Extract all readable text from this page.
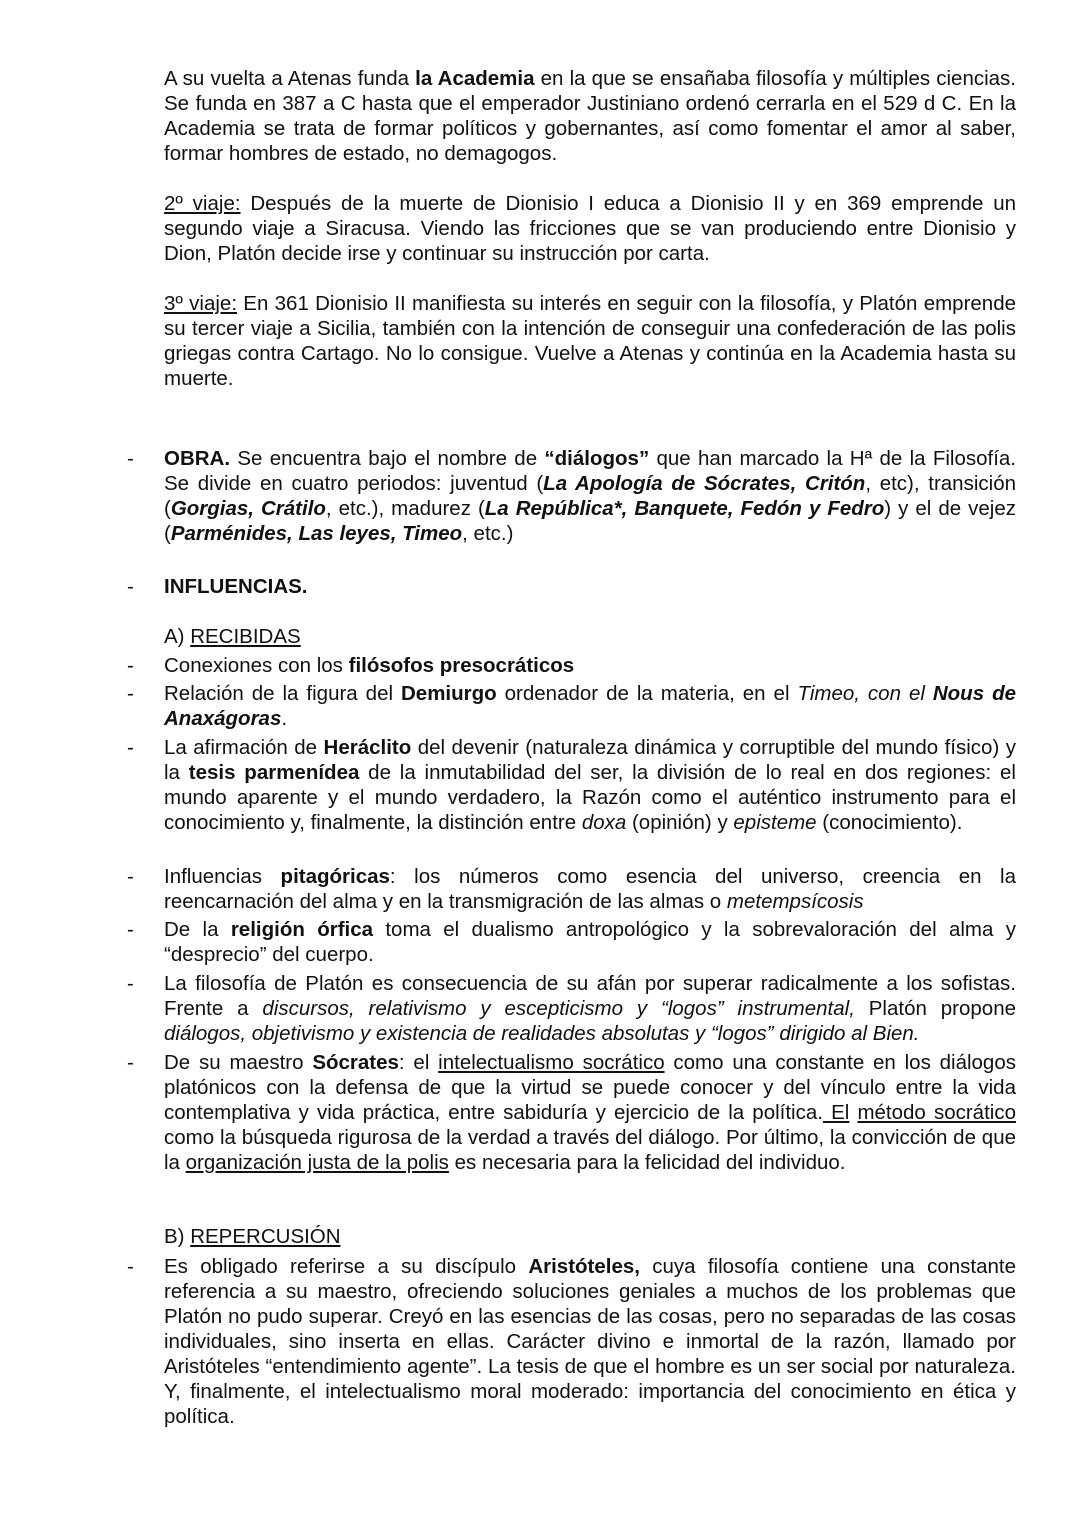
A su vuelta a Atenas funda la Academia en la que se ensañaba filosofía y múltiples ciencias. Se funda en 387 a C hasta que el emperador Justiniano ordenó cerrarla en el 529 d C. En la Academia se trata de formar políticos y gobernantes, así como fomentar el amor al saber, formar hombres de estado, no demagogos.

2º viaje: Después de la muerte de Dionisio I educa a Dionisio II y en 369 emprende un segundo viaje a Siracusa. Viendo las fricciones que se van produciendo entre Dionisio y Dion, Platón decide irse y continuar su instrucción por carta.

3º viaje: En 361 Dionisio II manifiesta su interés en seguir con la filosofía, y Platón emprende su tercer viaje a Sicilia, también con la intención de conseguir una confederación de las polis griegas contra Cartago. No lo consigue. Vuelve a Atenas y continúa en la Academia hasta su muerte.

-	OBRA. Se encuentra bajo el nombre de “diálogos” que han marcado la Hª de la Filosofía. Se divide en cuatro periodos: juventud (La Apología de Sócrates, Critón, etc), transición (Gorgias, Crátilo, etc.), madurez (La República*, Banquete, Fedón y Fedro) y el de vejez (Parménides, Las leyes, Timeo, etc.)

-	INFLUENCIAS.

A) RECIBIDAS

-	Conexiones con los filósofos presocráticos

-	Relación de la figura del Demiurgo ordenador de la materia, en el Timeo, con el Nous de Anaxágoras.

-	La afirmación de Heráclito del devenir (naturaleza dinámica y corruptible del mundo físico) y la tesis parmenídea de la inmutabilidad del ser, la división de lo real en dos regiones: el mundo aparente y el mundo verdadero, la Razón como el auténtico instrumento para el conocimiento y, finalmente, la distinción entre doxa (opinión) y episteme (conocimiento).

-	Influencias pitagóricas: los números como esencia del universo, creencia en la reencarnación del alma y en la transmigración de las almas o metempsícosis

-	De la religión órfica toma el dualismo antropológico y la sobrevaloración del alma y “desprecio” del cuerpo.

-	La filosofía de Platón es consecuencia de su afán por superar radicalmente a los sofistas. Frente a discursos, relativismo y escepticismo y “logos” instrumental, Platón propone diálogos, objetivismo y existencia de realidades absolutas y “logos” dirigido al Bien.

-	De su maestro Sócrates: el intelectualismo socrático como una constante en los diálogos platónicos con la defensa de que la virtud se puede conocer y del vínculo entre la vida contemplativa y vida práctica, entre sabiduría y ejercicio de la política. El método socrático como la búsqueda rigurosa de la verdad a través del diálogo. Por último, la convicción de que la organización justa de la polis es necesaria para la felicidad del individuo.

B) REPERCUSIÓN

-	Es obligado referirse a su discípulo Aristóteles, cuya filosofía contiene una constante referencia a su maestro, ofreciendo soluciones geniales a muchos de los problemas que Platón no pudo superar. Creyó en las esencias de las cosas, pero no separadas de las cosas individuales, sino inserta en ellas. Carácter divino e inmortal de la razón, llamado por Aristóteles “entendimiento agente”. La tesis de que el hombre es un ser social por naturaleza. Y, finalmente, el intelectualismo moral moderado: importancia del conocimiento en ética y política.
